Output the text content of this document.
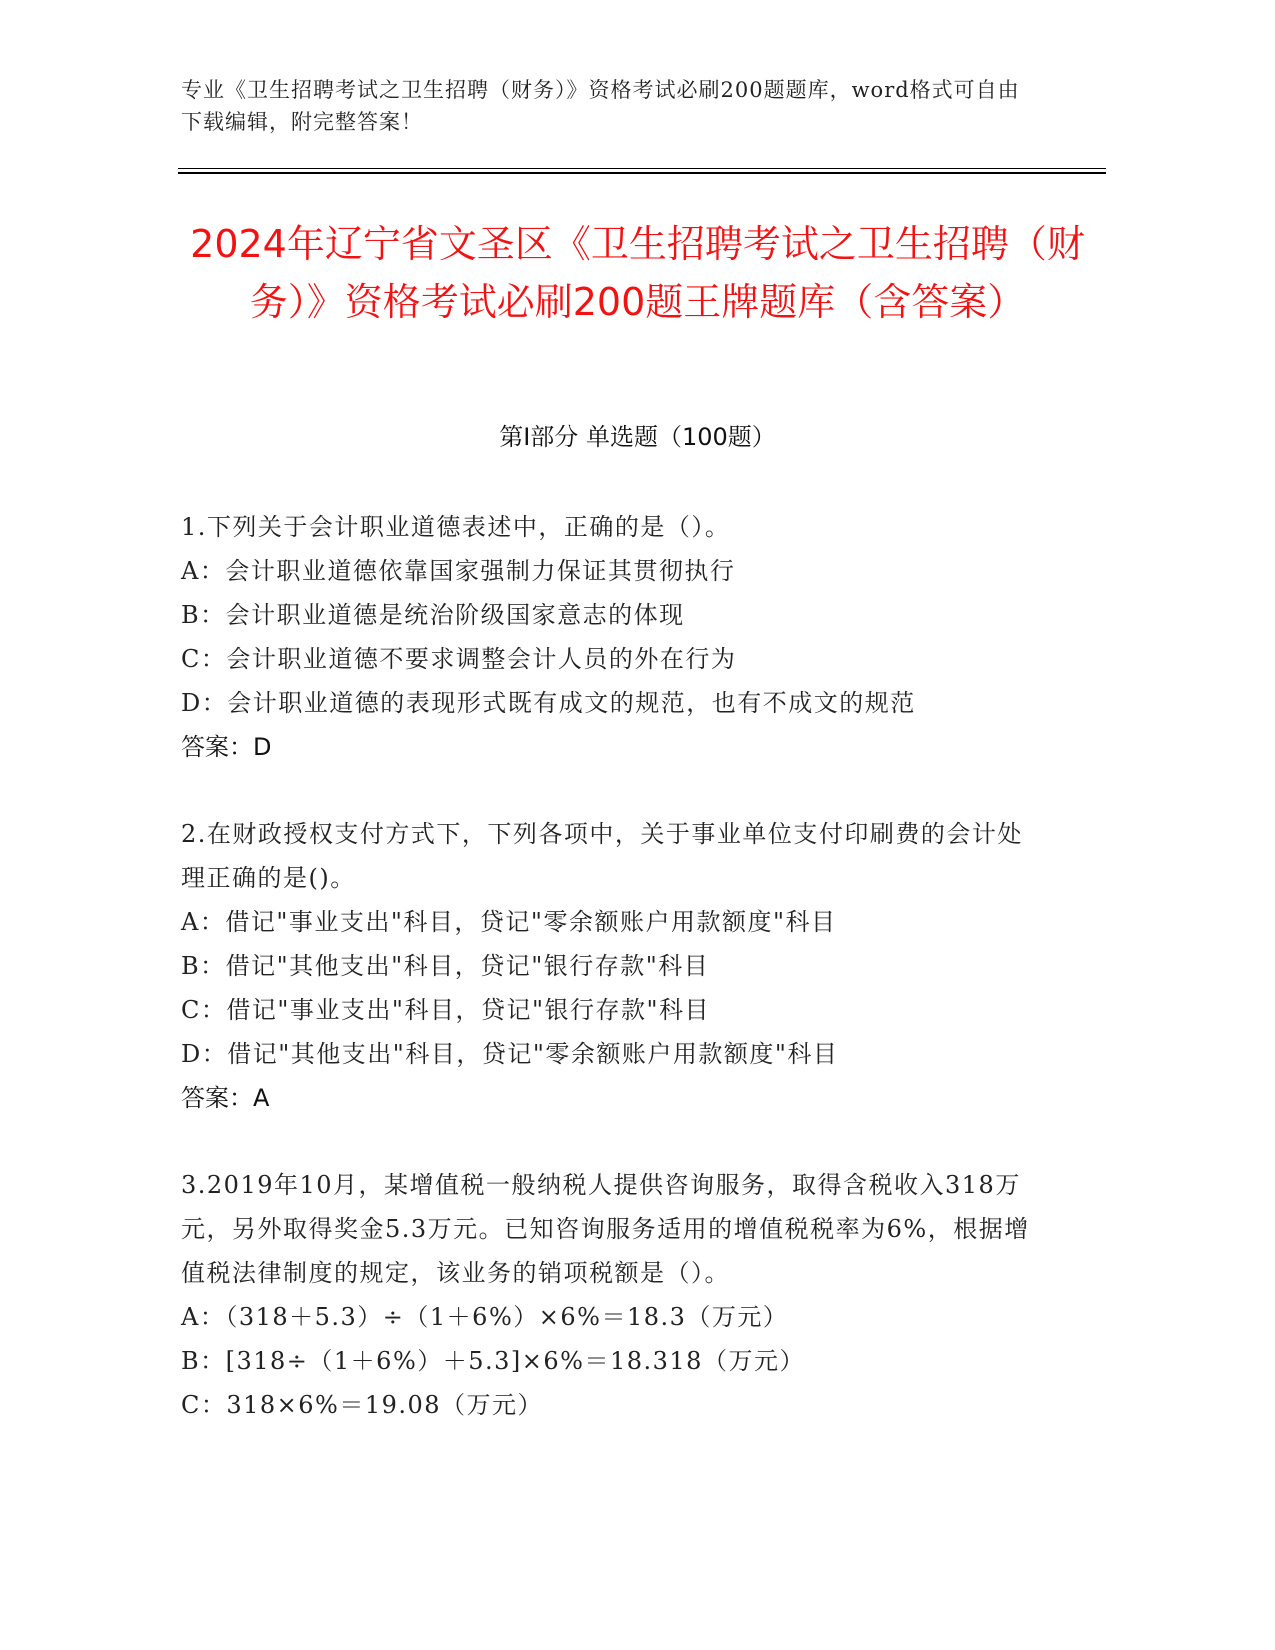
专业《卫生招聘考试之卫生招聘（财务）》资格考试必刷200题题库，word格式可自由下载编辑，附完整答案！
2024年辽宁省文圣区《卫生招聘考试之卫生招聘（财务）》资格考试必刷200题王牌题库（含答案）
第I部分 单选题（100题）
1.下列关于会计职业道德表述中，正确的是（）。
A：会计职业道德依靠国家强制力保证其贯彻执行
B：会计职业道德是统治阶级国家意志的体现
C：会计职业道德不要求调整会计人员的外在行为
D：会计职业道德的表现形式既有成文的规范，也有不成文的规范
答案：D
2.在财政授权支付方式下，下列各项中，关于事业单位支付印刷费的会计处理正确的是()。
A：借记"事业支出"科目，贷记"零余额账户用款额度"科目
B：借记"其他支出"科目，贷记"银行存款"科目
C：借记"事业支出"科目，贷记"银行存款"科目
D：借记"其他支出"科目，贷记"零余额账户用款额度"科目
答案：A
3.2019年10月，某增值税一般纳税人提供咨询服务，取得含税收入318万元，另外取得奖金5.3万元。已知咨询服务适用的增值税税率为6%，根据增值税法律制度的规定，该业务的销项税额是（）。
A：（318＋5.3）÷（1＋6%）×6%＝18.3（万元）
B：[318÷（1＋6%）＋5.3]×6%＝18.318（万元）
C：318×6%＝19.08（万元）
